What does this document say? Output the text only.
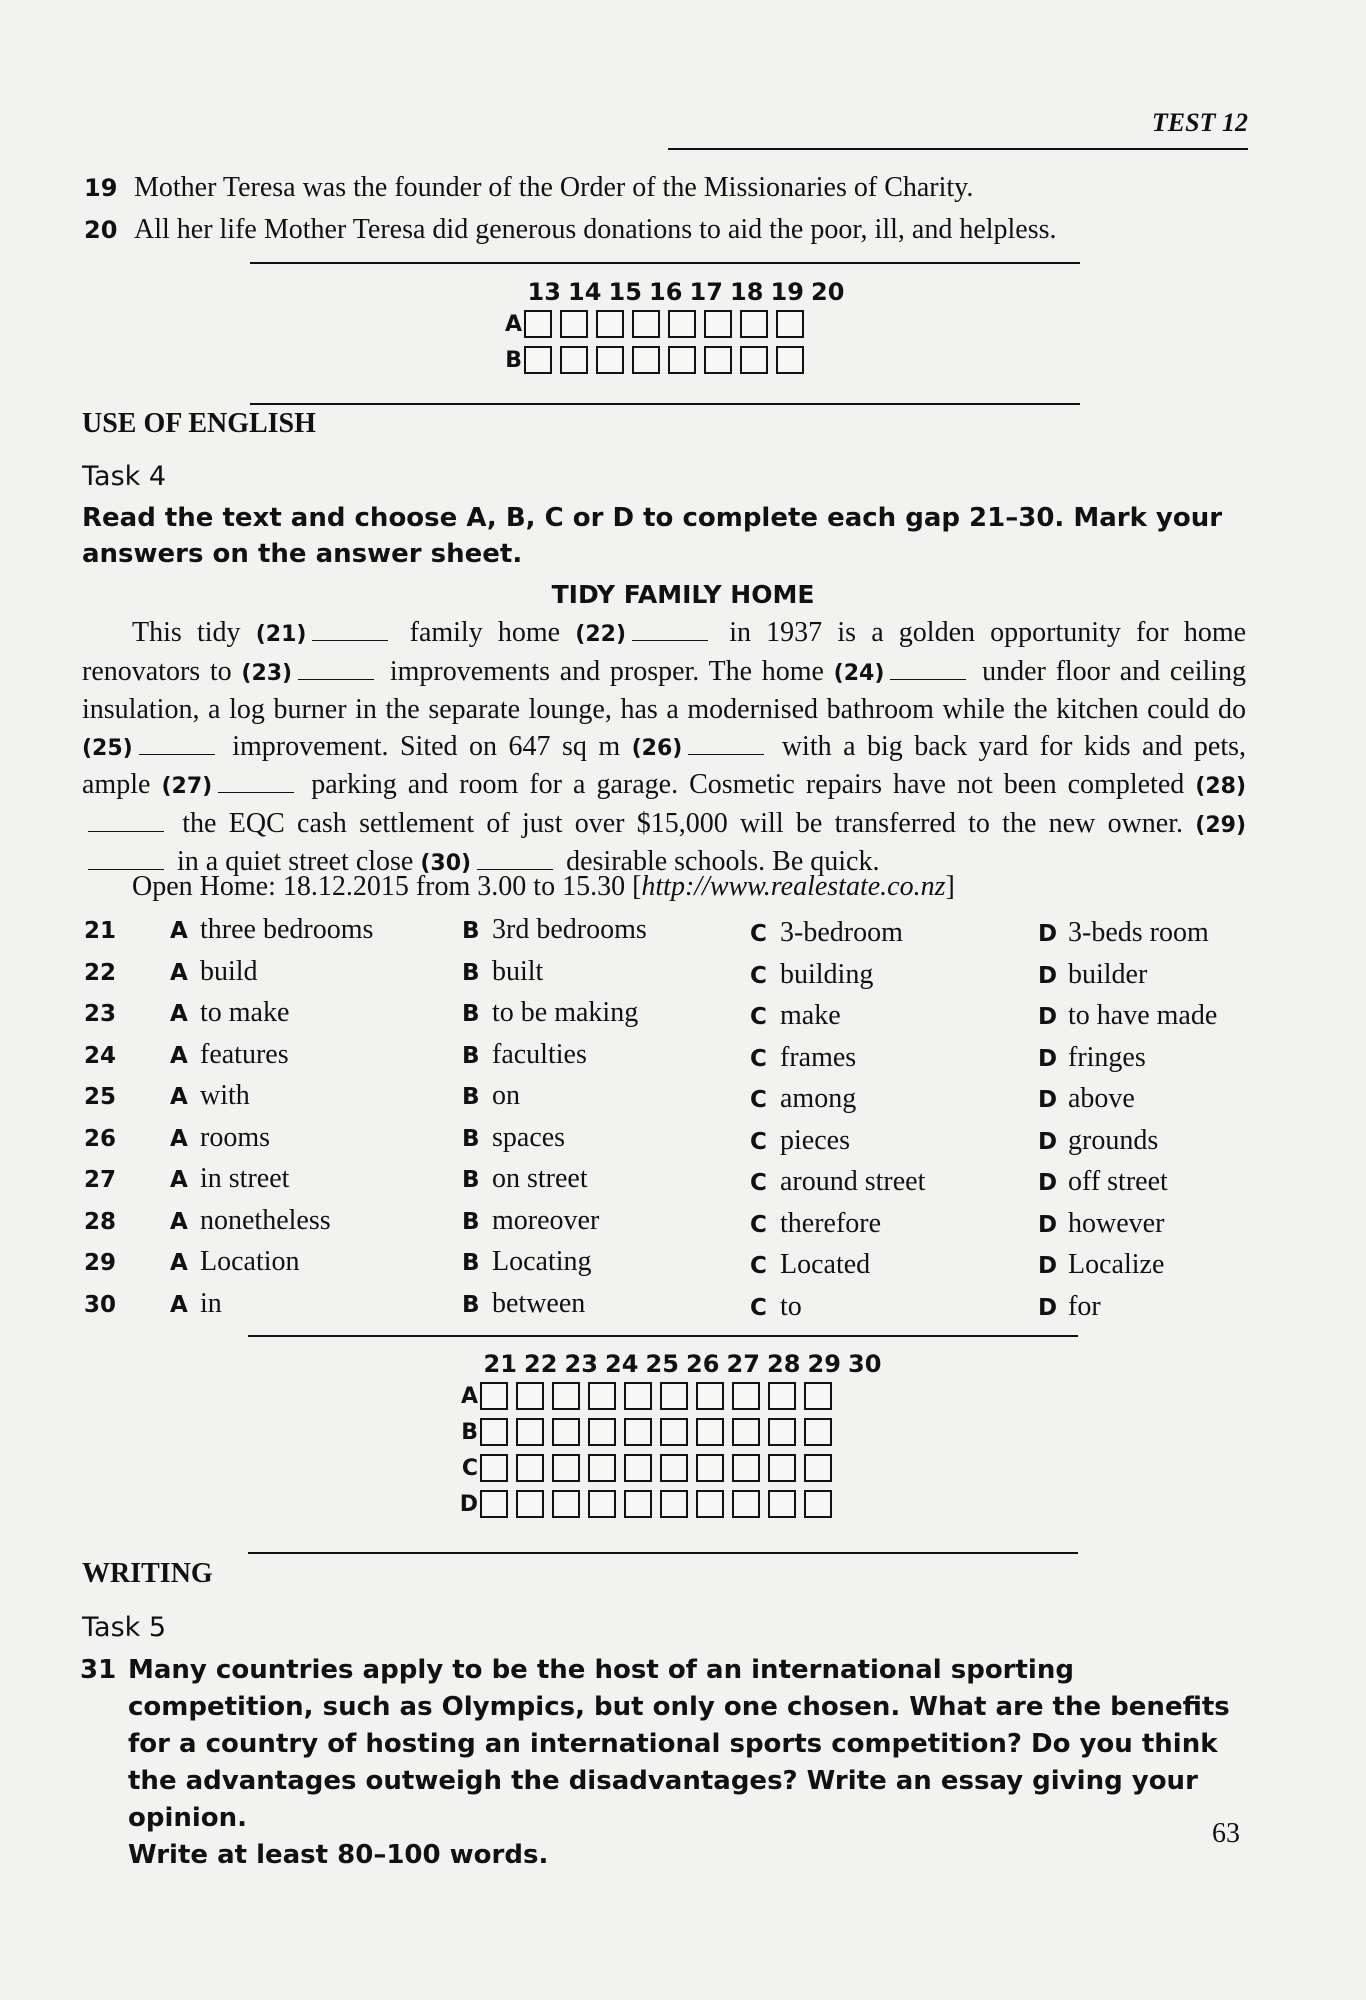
TEST 12
19 Mother Teresa was the founder of the Order of the Missionaries of Charity.
20 All her life Mother Teresa did generous donations to aid the poor, ill, and helpless.
13 14 15 16 17 18 19 20
A
B
USE OF ENGLISH
Task 4
Read the text and choose A, B, C or D to complete each gap 21–30. Mark your answers on the answer sheet.
TIDY FAMILY HOME
This tidy (21)	family home (22)	in 1937 is a golden opportunity for home renovators to (23)	improvements and prosper. The home (24)	under floor and ceiling insulation, a log burner in the separate lounge, has a modernised bathroom while the kitchen could do (25)	improvement. Sited on 647 sq m (26)	with a big back yard for kids and pets, ample (27)	parking and room for a garage. Cosmetic repairs have not been completed (28) the EQC cash settlement of just over $15,000 will be transferred to the new owner. (29) in a quiet street close (30)	desirable schools. Be quick.
Open Home: 18.12.2015 from 3.00 to 15.30 [http://www.realestate.co.nz]
21 A three bedrooms	B 3rd bedrooms	C 3-bedroom	D 3-beds room
22 A build	B built	C building	D builder
23 A to make	B to be making	C make	D to have made
24 A features	B faculties	C frames	D fringes
25 A with	B on	C among	D above
26 A rooms	B spaces	C pieces	D grounds
27 A in street	B on street	C around street	D off street
28 A nonetheless	B moreover	C therefore	D however
29 A Location	B Locating	C Located	D Localize
30 A in	B between	C to	D for
21 22 23 24 25 26 27 28 29 30
A
B
C
D
WRITING
Task 5
31 Many countries apply to be the host of an international sporting competition, such as Olympics, but only one chosen. What are the benefits for a country of hosting an international sports competition? Do you think the advantages outweigh the disadvantages? Write an essay giving your opinion.
Write at least 80–100 words.
63
